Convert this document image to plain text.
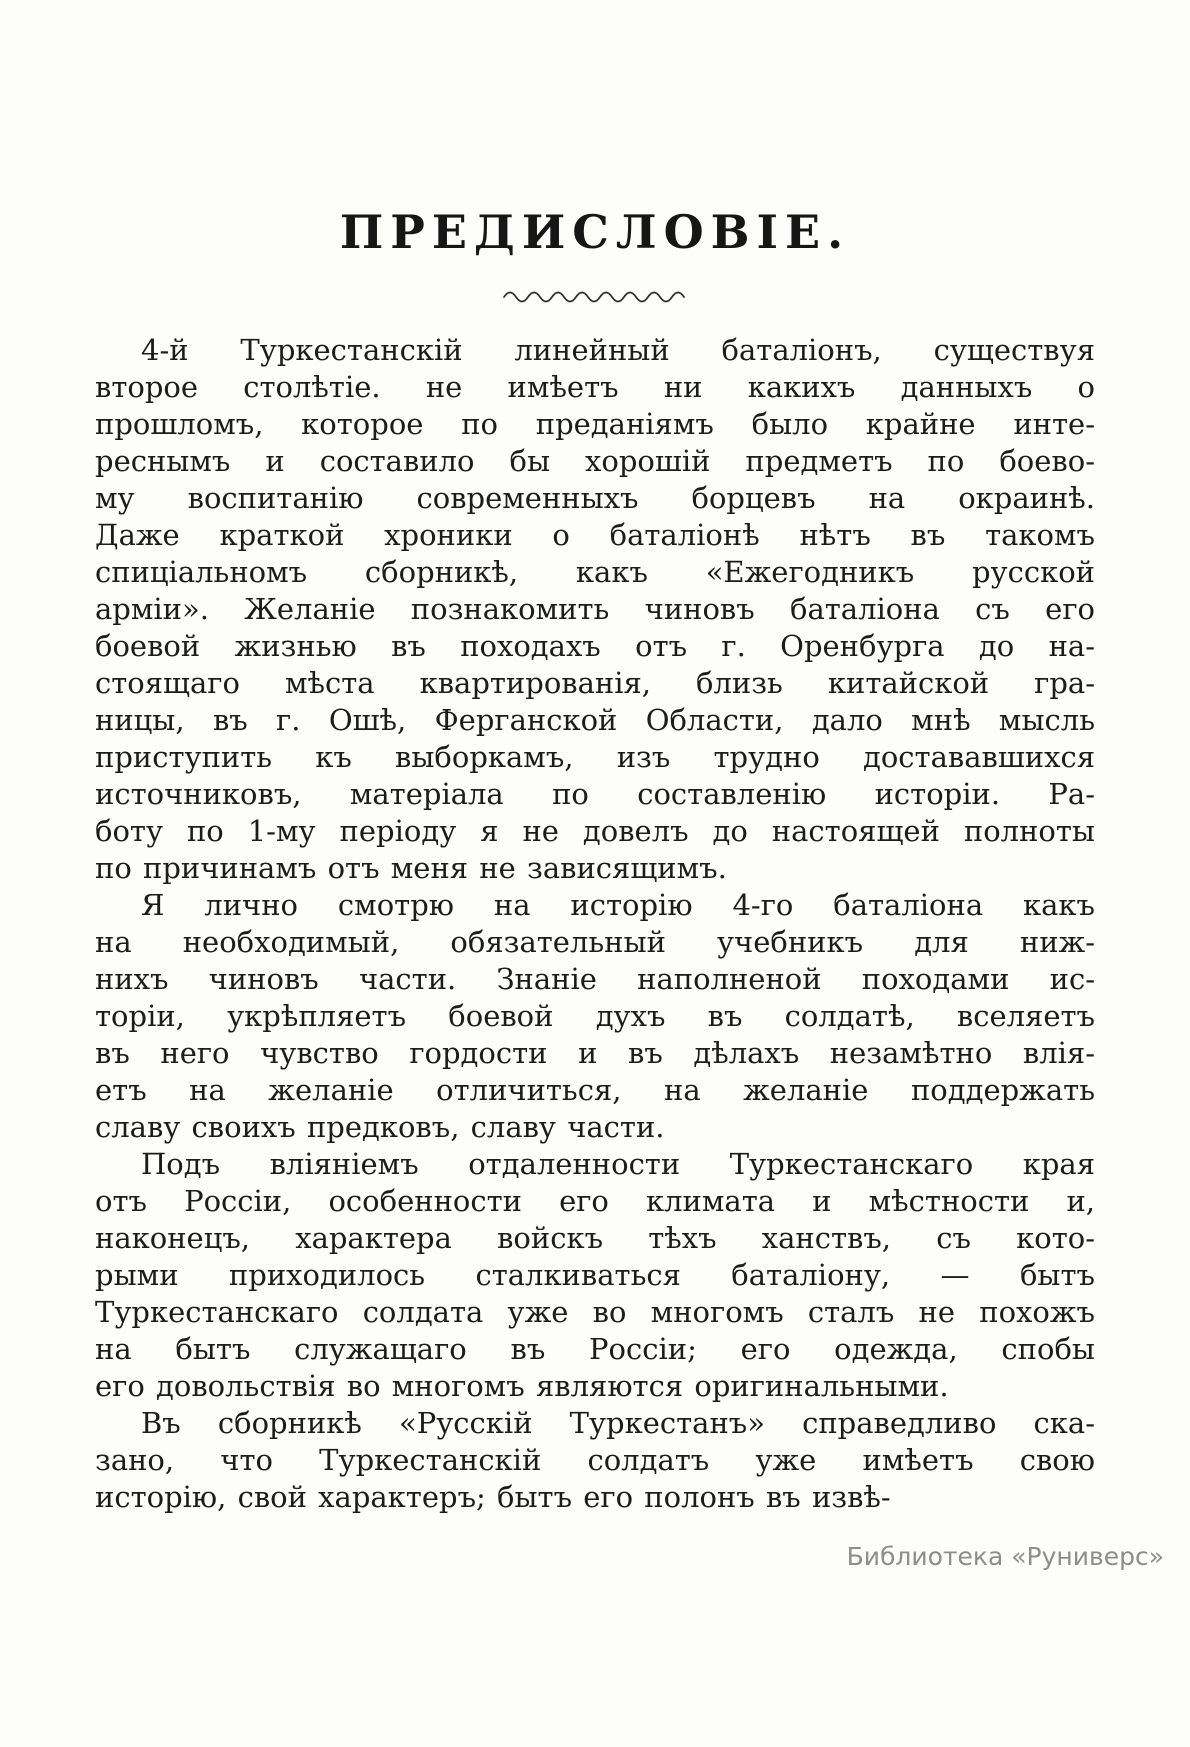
ПРЕДИСЛОВІЕ.

4-й Туркестанскій линейный баталіонъ, существуя
второе столѣтіе. не имѣетъ ни какихъ данныхъ о
прошломъ, которое по преданіямъ было крайне инте-
реснымъ и составило бы хорошій предметъ по боево-
му воспитанію современныхъ борцевъ на окраинѣ.
Даже краткой хроники о баталіонѣ нѣтъ въ такомъ
спиціальномъ сборникѣ, какъ «Ежегодникъ русской
арміи». Желаніе познакомить чиновъ баталіона съ его
боевой жизнью въ походахъ отъ г. Оренбурга до на-
стоящаго мѣста квартированія, близь китайской гра-
ницы, въ г. Ошѣ, Ферганской Области, дало мнѣ мысль
приступить къ выборкамъ, изъ трудно достававшихся
источниковъ, матеріала по составленію исторіи. Ра-
боту по 1-му періоду я не довелъ до настоящей полноты
по причинамъ отъ меня не зависящимъ.

Я лично смотрю на исторію 4-го баталіона какъ
на необходимый, обязательный учебникъ для ниж-
нихъ чиновъ части. Знаніе наполненой походами ис-
торіи, укрѣпляетъ боевой духъ въ солдатѣ, вселяетъ
въ него чувство гордости и въ дѣлахъ незамѣтно влія-
етъ на желаніе отличиться, на желаніе поддержать
славу своихъ предковъ, славу части.

Подъ вліяніемъ отдаленности Туркестанскаго края
отъ Россіи, особенности его климата и мѣстности и,
наконецъ, характера войскъ тѣхъ ханствъ, съ кото-
рыми приходилось сталкиваться баталіону, — бытъ
Туркестанскаго солдата уже во многомъ сталъ не похожъ
на бытъ служащаго въ Россіи; его одежда, спобы
его довольствія во многомъ являются оригинальными.

Въ сборникѣ «Русскій Туркестанъ» справедливо ска-
зано, что Туркестанскій солдатъ уже имѣетъ свою
исторію, свой характеръ; бытъ его полонъ въ извѣ-

Библиотека «Руниверс»
